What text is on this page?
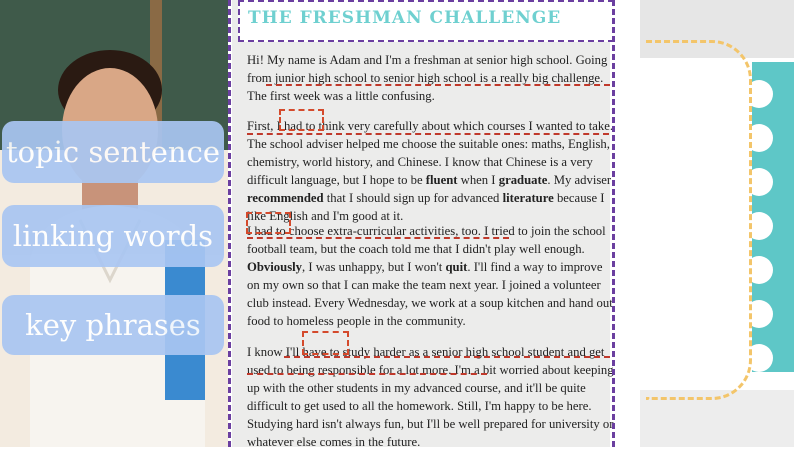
topic sentence
linking words
key phrases
THE FRESHMAN CHALLENGE

Hi! My name is Adam and I'm a freshman at senior high school. Going from junior high school to senior high school is a really big challenge. The first week was a little confusing.

First, I had to think very carefully about which courses I wanted to take. The school adviser helped me choose the suitable ones: maths, English, chemistry, world history, and Chinese. I know that Chinese is a very difficult language, but I hope to be fluent when I graduate. My adviser recommended that I should sign up for advanced literature because I like English and I'm good at it.

I had to choose extra-curricular activities, too. I tried to join the school football team, but the coach told me that I didn't play well enough. Obviously, I was unhappy, but I won't quit. I'll find a way to improve on my own so that I can make the team next year. I joined a volunteer club instead. Every Wednesday, we work at a soup kitchen and hand out food to homeless people in the community.

I know I'll have to study harder as a senior high school student and get used to being responsible for a lot more. I'm a bit worried about keeping up with the other students in my advanced course, and it'll be quite difficult to get used to all the homework. Still, I'm happy to be here. Studying hard isn't always fun, but I'll be well prepared for university or whatever else comes in the future.
